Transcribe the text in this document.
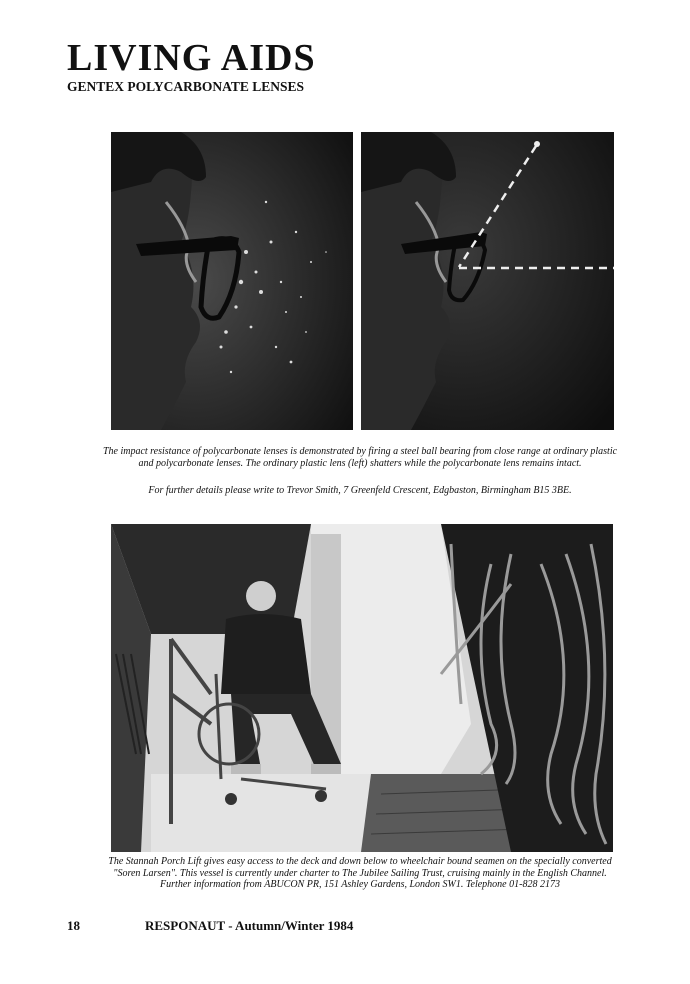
LIVING AIDS
GENTEX POLYCARBONATE LENSES

The impact resistance of polycarbonate lenses is demonstrated by firing a steel ball bearing from close range at ordinary plastic and polycarbonate lenses. The ordinary plastic lens (left) shatters while the polycarbonate lens remains intact.

For further details please write to Trevor Smith, 7 Greenfeld Crescent, Edgbaston, Birmingham B15 3BE.

The Stannah Porch Lift gives easy access to the deck and down below to wheelchair bound seamen on the specially converted "Soren Larsen". This vessel is currently under charter to The Jubilee Sailing Trust, cruising mainly in the English Channel.
Further information from ABUCON PR, 151 Ashley Gardens, London SW1. Telephone 01-828 2173

18	RESPONAUT - Autumn/Winter 1984
